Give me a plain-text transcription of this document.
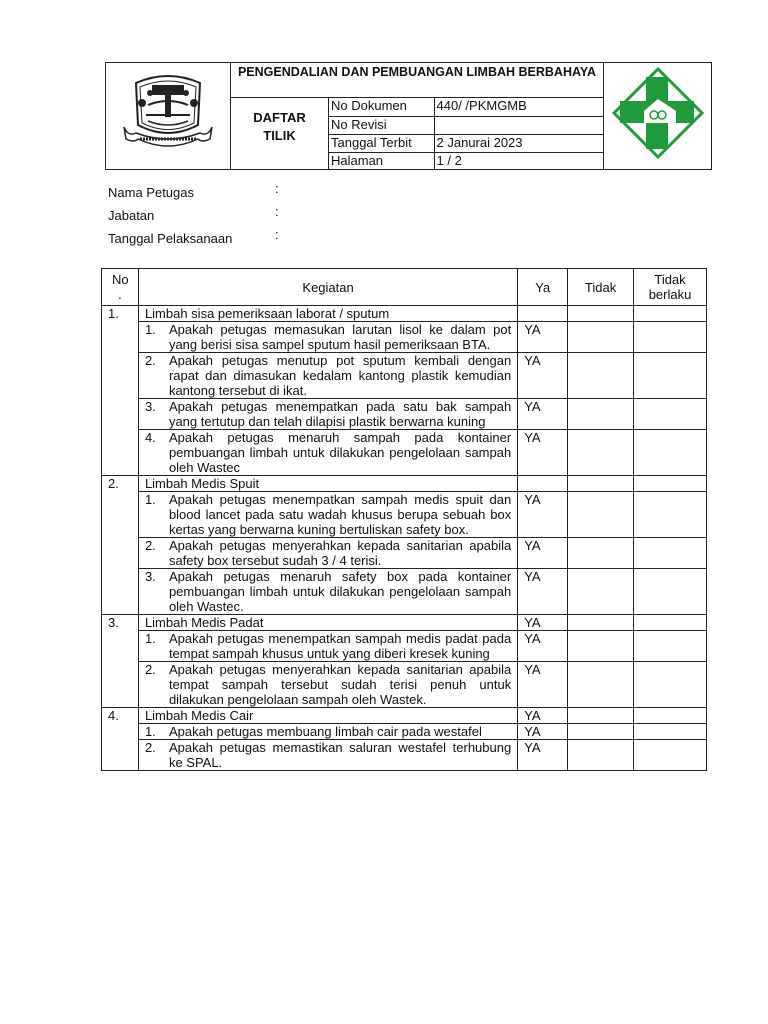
PENGENDALIAN DAN PEMBUANGAN LIMBAH BERBAHAYA
DAFTAR TILIK
No Dokumen	440/ /PKMGMB
No Revisi	
Tanggal Terbit	2 Janurai 2023
Halaman	1 / 2
Nama Petugas	:
Jabatan	:
Tanggal Pelaksanaan	:
No .	Kegiatan	Ya	Tidak	Tidak berlaku

1.	Limbah sisa pemeriksaan laborat / sputum			

	1. Apakah petugas memasukan larutan lisol ke dalam pot yang berisi sisa sampel sputum hasil pemeriksaan BTA.	YA		

	2. Apakah petugas menutup pot sputum kembali dengan rapat dan dimasukan kedalam kantong plastik kemudian kantong tersebut di ikat.	YA		

	3. Apakah petugas menempatkan pada satu bak sampah yang tertutup dan telah dilapisi plastik berwarna kuning	YA		

	4. Apakah petugas menaruh sampah pada kontainer pembuangan limbah untuk dilakukan pengelolaan sampah oleh Wastec	YA		
2.	Limbah Medis Spuit			

	1. Apakah petugas menempatkan sampah medis spuit dan blood lancet pada satu wadah khusus berupa sebuah box kertas yang berwarna kuning bertuliskan safety box.	YA		

	2. Apakah petugas menyerahkan kepada sanitarian apabila safety box tersebut sudah 3 / 4 terisi.	YA		

	3. Apakah petugas menaruh safety box pada kontainer pembuangan limbah untuk dilakukan pengelolaan sampah oleh Wastec.	YA		
3.	Limbah Medis Padat	YA		

	1. Apakah petugas menempatkan sampah medis padat pada tempat sampah khusus untuk yang diberi kresek kuning	YA		

	2. Apakah petugas menyerahkan kepada sanitarian apabila tempat sampah tersebut sudah terisi penuh untuk dilakukan pengelolaan sampah oleh Wastek.	YA		
4.	Limbah Medis Cair	YA		

	1. Apakah petugas membuang limbah cair pada westafel	YA		

	2. Apakah petugas memastikan saluran westafel terhubung ke SPAL.	YA		
